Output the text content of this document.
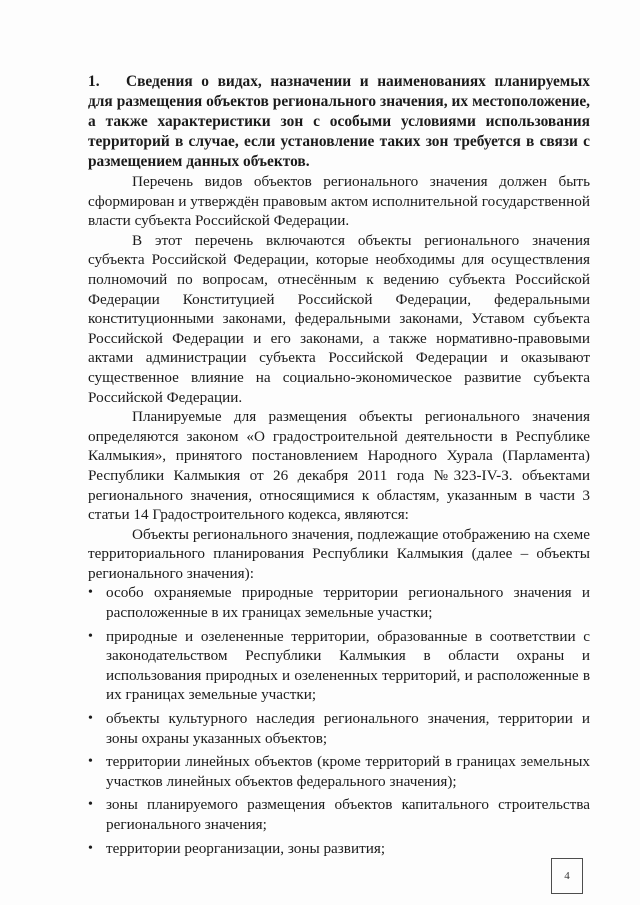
1. Сведения о видах, назначении и наименованиях планируемых для размещения объектов регионального значения, их местоположение, а также характеристики зон с особыми условиями использования территорий в случае, если установление таких зон требуется в связи с размещением данных объектов.

Перечень видов объектов регионального значения должен быть сформирован и утверждён правовым актом исполнительной государственной власти субъекта Российской Федерации.

В этот перечень включаются объекты регионального значения субъекта Российской Федерации, которые необходимы для осуществления полномочий по вопросам, отнесённым к ведению субъекта Российской Федерации Конституцией Российской Федерации, федеральными конституционными законами, федеральными законами, Уставом субъекта Российской Федерации и его законами, а также нормативно-правовыми актами администрации субъекта Российской Федерации и оказывают существенное влияние на социально-экономическое развитие субъекта Российской Федерации.

Планируемые для размещения объекты регионального значения определяются законом «О градостроительной деятельности в Республике Калмыкия», принятого постановлением Народного Хурала (Парламента) Республики Калмыкия от 26 декабря 2011 года №323-IV-З. объектами регионального значения, относящимися к областям, указанным в части 3 статьи 14 Градостроительного кодекса, являются:

Объекты регионального значения, подлежащие отображению на схеме территориального планирования Республики Калмыкия (далее – объекты регионального значения):

• особо охраняемые природные территории регионального значения и расположенные в их границах земельные участки;
• природные и озелененные территории, образованные в соответствии с законодательством Республики Калмыкия в области охраны и использования природных и озелененных территорий, и расположенные в их границах земельные участки;
• объекты культурного наследия регионального значения, территории и зоны охраны указанных объектов;
• территории линейных объектов (кроме территорий в границах земельных участков линейных объектов федерального значения);
• зоны планируемого размещения объектов капитального строительства регионального значения;
• территории реорганизации, зоны развития;
4
